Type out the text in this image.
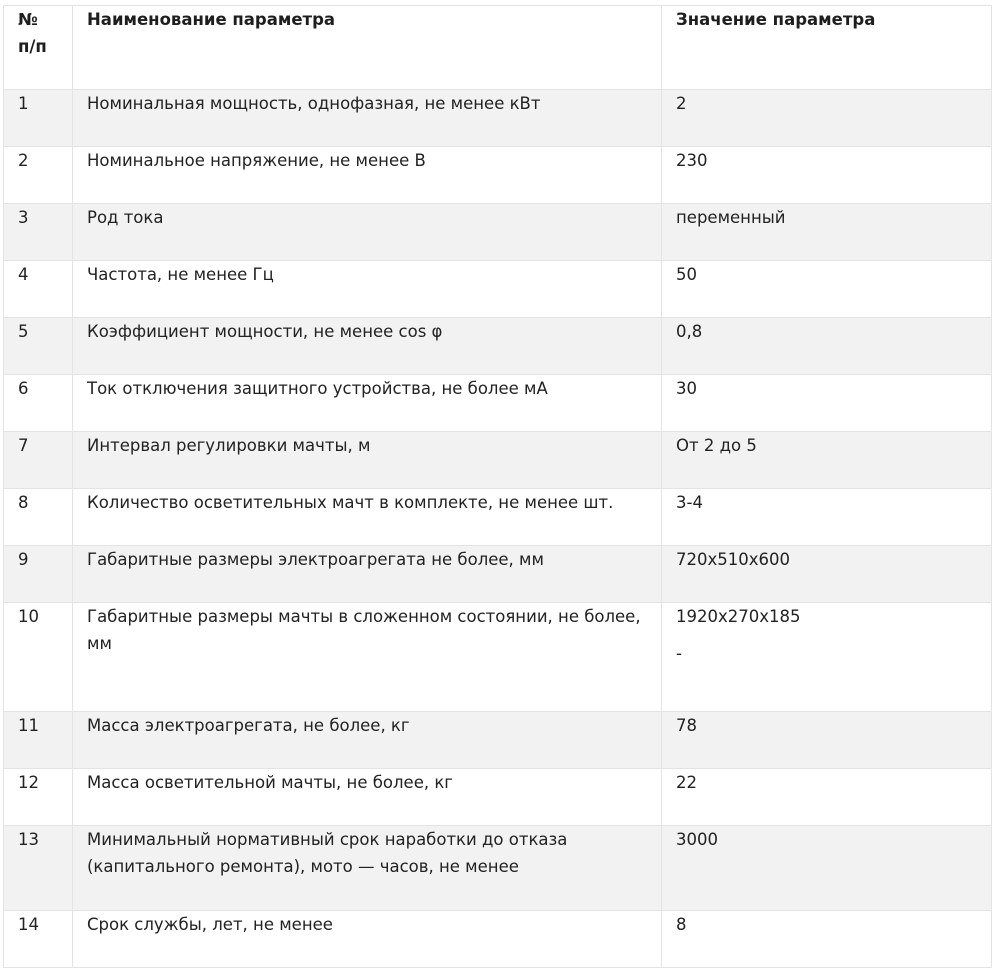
№ п/п	Наименование параметра	Значение параметра
1	Номинальная мощность, однофазная, не менее кВт	2
2	Номинальное напряжение, не менее В	230
3	Род тока	переменный
4	Частота, не менее Гц	50
5	Коэффициент мощности, не менее cos φ	0,8
6	Ток отключения защитного устройства, не более мА	30
7	Интервал регулировки мачты, м	От 2 до 5
8	Количество осветительных мачт в комплекте, не менее шт.	3-4
9	Габаритные размеры электроагрегата не более, мм	720х510х600
10	Габаритные размеры мачты в сложенном состоянии, не более, мм	1920х270х185
-

11	Масса электроагрегата, не более, кг	78
12	Масса осветительной мачты, не более, кг	22
13	Минимальный нормативный срок наработки до отказа (капитального ремонта), мото — часов, не менее	3000
14	Срок службы, лет, не менее	8
